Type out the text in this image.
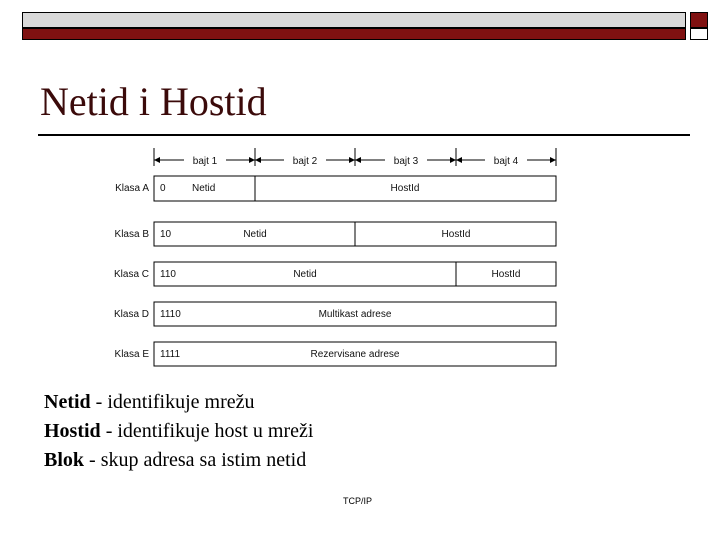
Netid i Hostid
bajt 1	bajt 2	bajt 3	bajt 4
Klasa A 0	Netid	HostId
Klasa B 10	Netid	HostId
Klasa C 110	Netid	HostId
Klasa D 1110	Multikast adrese
Klasa E 1111	Rezervisane adrese
Netid - identifikuje mrežu
Hostid - identifikuje host u mreži
Blok - skup adresa sa istim netid
TCP/IP
